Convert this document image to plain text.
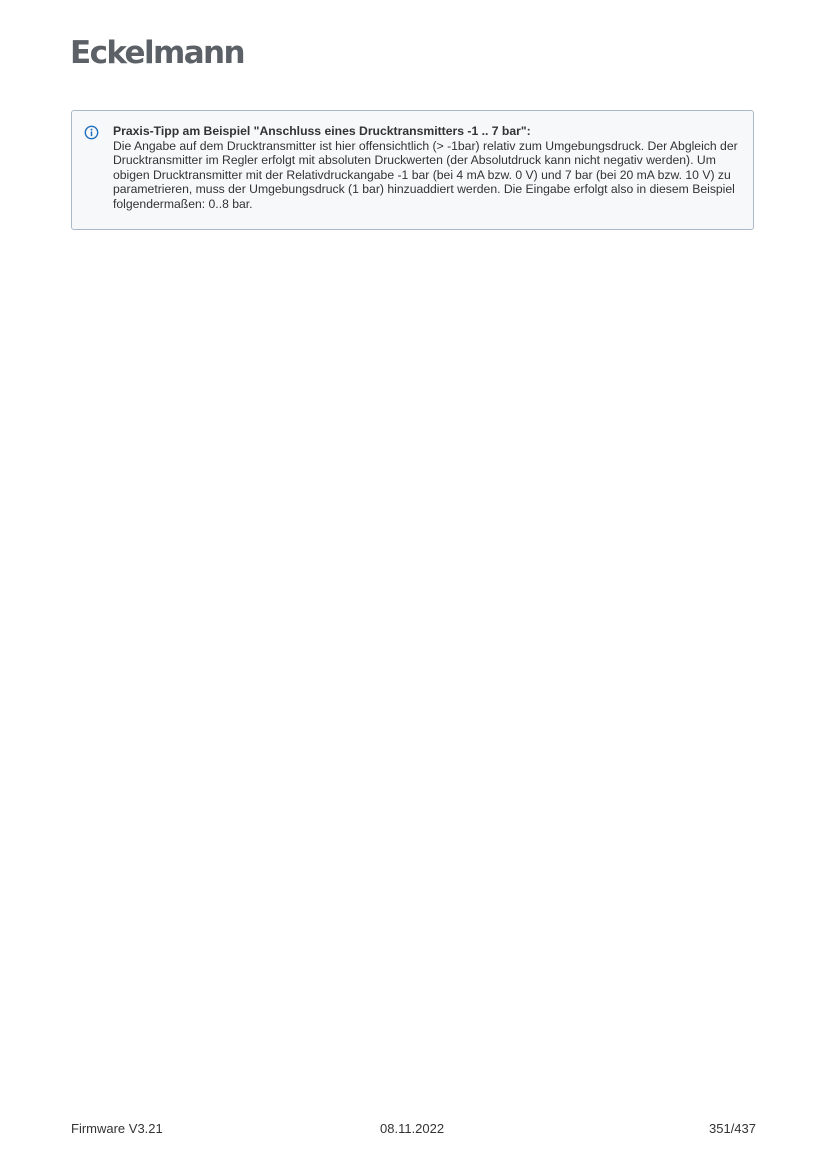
Eckelmann
Praxis-Tipp am Beispiel "Anschluss eines Drucktransmitters -1 .. 7 bar":
Die Angabe auf dem Drucktransmitter ist hier offensichtlich (> -1bar) relativ zum Umgebungsdruck. Der Abgleich der Drucktransmitter im Regler erfolgt mit absoluten Druckwerten (der Absolutdruck kann nicht negativ werden). Um obigen Drucktransmitter mit der Relativdruckangabe -1 bar (bei 4 mA bzw. 0 V) und 7 bar (bei 20 mA bzw. 10 V) zu parametrieren, muss der Umgebungsdruck (1 bar) hinzuaddiert werden. Die Eingabe erfolgt also in diesem Beispiel folgendermaßen: 0..8 bar.
Firmware V3.21	08.11.2022	351/437
